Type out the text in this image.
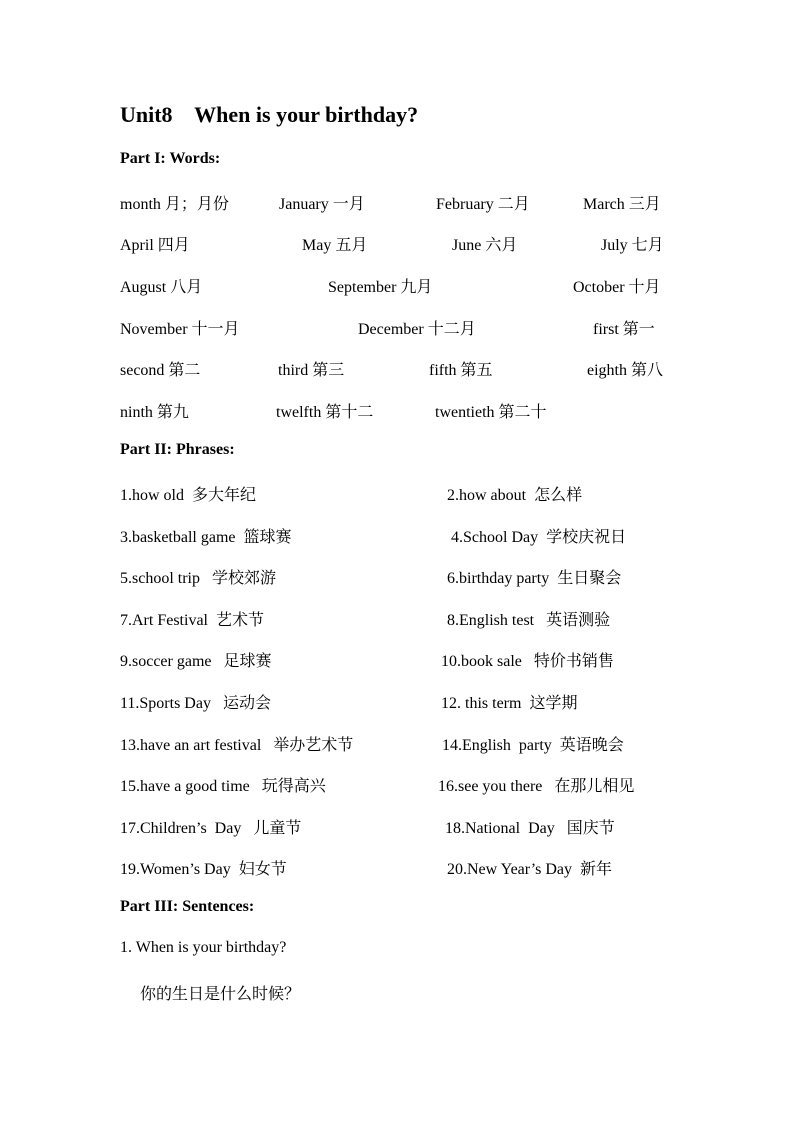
Unit8    When is your birthday?
Part I: Words:
month 月；月份	January 一月	February 二月	March 三月
April 四月	May 五月	June 六月	July 七月
August 八月	September 九月	October 十月
November 十一月	December 十二月	first 第一
second 第二	third 第三	fifth 第五	eighth 第八
ninth 第九	twelfth 第十二	twentieth 第二十
Part II: Phrases:
1.how old  多大年纪	2.how about  怎么样
3.basketball game  篮球赛	4.School Day  学校庆祝日
5.school trip   学校郊游	6.birthday party  生日聚会
7.Art Festival  艺术节	8.English test   英语测验
9.soccer game   足球赛	10.book sale   特价书销售
11.Sports Day   运动会	12. this term  这学期
13.have an art festival   举办艺术节	14.English  party  英语晚会
15.have a good time   玩得高兴	16.see you there   在那儿相见
17.Children’s  Day   儿童节	18.National  Day   国庆节
19.Women’s Day  妇女节	20.New Year’s Day  新年
Part III: Sentences:
1. When is your birthday?
你的生日是什么时候？
